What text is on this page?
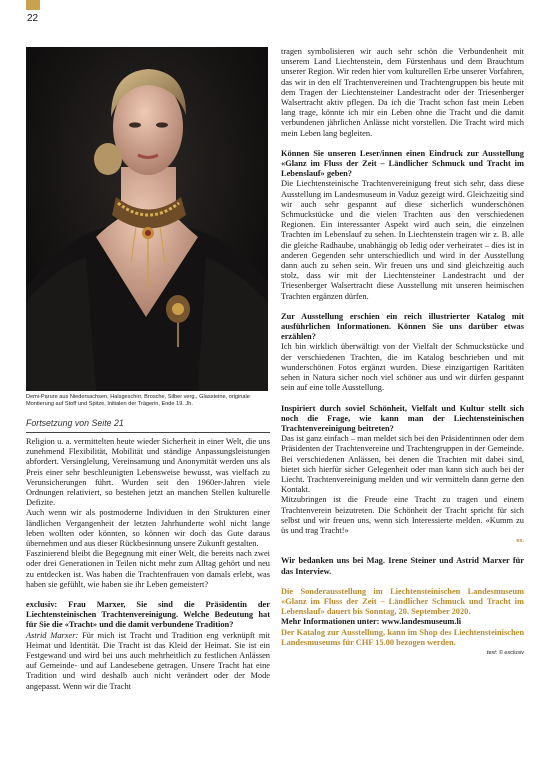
22
Demi-Parure aus Niedersachsen, Halsgeschirr, Brosche, Silber verg., Glassteine, originale Montierung auf Stoff und Spitze, Initialen der Trägerin, Ende 19. Jh.
Fortsetzung von Seite 21

Religion u. a. vermittelten heute wieder Sicherheit in einer Welt, die uns zunehmend Flexibilität, Mobilität und ständige Anpassungsleistungen abfordert. Versinglelung, Vereinsamung und Anonymität werden uns als Preis einer sehr beschleunigten Lebensweise bewusst, was vielfach zu Verunsicherungen führt. Wurden seit den 1960er-Jahren viele Ordnungen relativiert, so bestehen jetzt an manchen Stellen kulturelle Defizite.

Auch wenn wir als postmoderne Individuen in den Strukturen einer ländlichen Vergangenheit der letzten Jahrhunderte wohl nicht lange leben wollten oder könnten, so können wir doch das Gute daraus übernehmen und aus dieser Rückbesinnung unsere Zukunft gestalten.

Faszinierend bleibt die Begegnung mit einer Welt, die bereits nach zwei oder drei Generationen in Teilen nicht mehr zum Alltag gehört und neu zu entdecken ist. Was haben die Trachtenfrauen von damals erlebt, was haben sie gefühlt, wie haben sie ihr Leben gemeistert?

exclusiv: Frau Marxer, Sie sind die Präsidentin der Liechtensteinischen Trachtenvereinigung. Welche Bedeutung hat für Sie die «Tracht» und die damit verbundene Tradition?

Astrid Marxer: Für mich ist Tracht und Tradition eng verknüpft mit Heimat und Identität. Die Tracht ist das Kleid der Heimat. Sie ist ein Festgewand und wird bei uns auch mehrheitlich zu festlichen Anlässen auf Gemeinde- und auf Landesebene getragen. Unsere Tracht hat eine Tradition und wird deshalb auch nicht verändert oder der Mode angepasst. Wenn wir die Tracht

tragen symbolisieren wir auch sehr schön die Verbundenheit mit unserem Land Liechtenstein, dem Fürstenhaus und dem Brauchtum unserer Region. Wir reden hier vom kulturellen Erbe unserer Vorfahren, das wir in den elf Trachtenvereinen und Trachtengruppen bis heute mit dem Tragen der Liechtensteiner Landestracht oder der Triesenberger Walsertracht aktiv pflegen. Da ich die Tracht schon fast mein Leben lang trage, könnte ich mir ein Leben ohne die Tracht und die damit verbundenen jährlichen Anlässe nicht vorstellen. Die Tracht wird mich mein Leben lang begleiten.

Können Sie unseren Leser/innen einen Eindruck zur Ausstellung «Glanz im Fluss der Zeit – Ländlicher Schmuck und Tracht im Lebenslauf» geben?

Die Liechtensteinische Trachtenvereinigung freut sich sehr, dass diese Ausstellung im Landesmuseum in Vaduz gezeigt wird. Gleichzeitig sind wir auch sehr gespannt auf diese sicherlich wunderschönen Schmuckstücke und die vielen Trachten aus den verschiedenen Regionen. Ein interessanter Aspekt wird auch sein, die einzelnen Trachten im Lebenslauf zu sehen. In Liechtenstein tragen wir z. B. alle die gleiche Radhaube, unabhängig ob ledig oder verheiratet – dies ist in anderen Gegenden sehr unterschiedlich und wird in der Ausstellung dann auch zu sehen sein. Wir freuen uns und sind gleichzeitig auch stolz, dass wir mit der Liechtensteiner Landestracht und der Triesenberger Walsertracht diese Ausstellung mit unseren heimischen Trachten ergänzen dürfen.

Zur Ausstellung erschien ein reich illustrierter Katalog mit ausführlichen Informationen. Können Sie uns darüber etwas erzählen?

Ich bin wirklich überwältigt von der Vielfalt der Schmuckstücke und der verschiedenen Trachten, die im Katalog beschrieben und mit wunderschönen Fotos ergänzt wurden. Diese einzigartigen Raritäten sehen in Natura sicher noch viel schöner aus und wir dürfen gespannt sein auf eine tolle Ausstellung.

Inspiriert durch soviel Schönheit, Vielfalt und Kultur stellt sich noch die Frage, wie kann man der Liechtensteinischen Trachtenvereinigung beitreten?

Das ist ganz einfach – man meldet sich bei den Präsidentinnen oder dem Präsidenten der Trachtenvereine und Trachtengruppen in der Gemeinde. Bei verschiedenen Anlässen, bei denen die Trachten mit dabei sind, bietet sich hierfür sicher Gelegenheit oder man kann sich auch bei der Liecht. Trachtenvereinigung melden und wir vermitteln dann gerne den Kontakt.

Mitzubringen ist die Freude eine Tracht zu tragen und einem Trachtenverein beizutreten. Die Schönheit der Tracht spricht für sich selbst und wir freuen uns, wenn sich Interessierte melden. «Kumm zu üs und trag Tracht!»

ex.

Wir bedanken uns bei Mag. Irene Steiner und Astrid Marxer für das Interview.

Die Sonderausstellung im Liechtensteinischen Landesmuseum «Glanz im Fluss der Zeit – Ländlicher Schmuck und Tracht im Lebenslauf» dauert bis Sonntag, 20. September 2020.

Mehr Informationen unter: www.landesmuseum.li

Der Katalog zur Ausstellung, kann im Shop des Liechtensteinischen Landesmuseums für CHF 15.00 bezogen werden.

text: © exclusiv
